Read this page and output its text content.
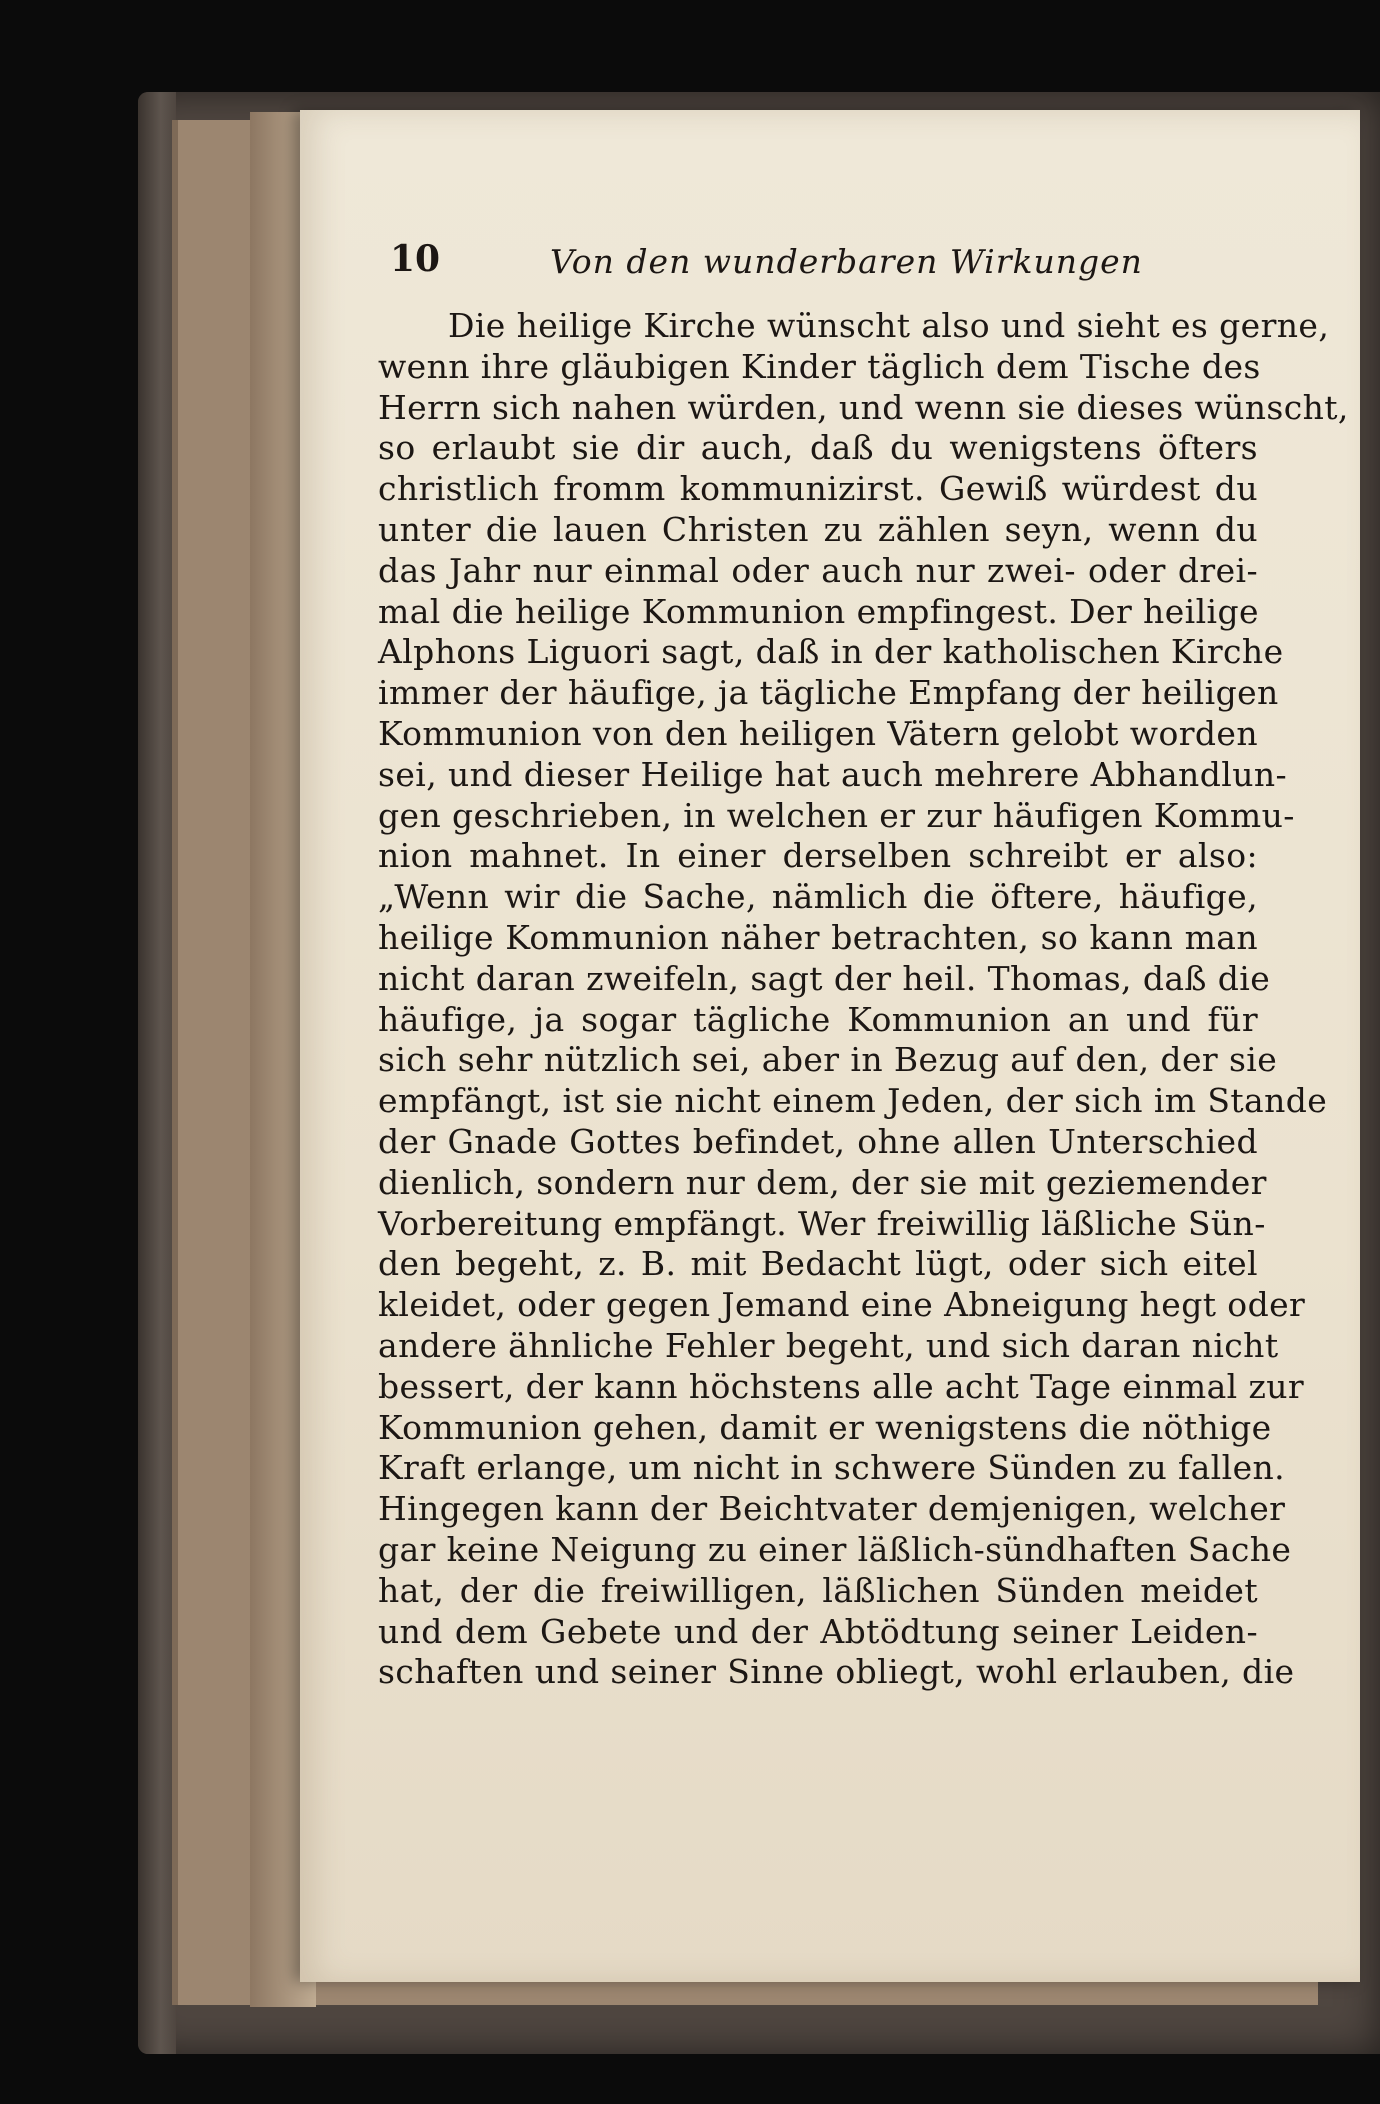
10	Von den wunderbaren Wirkungen
Die heilige Kirche wünscht also und sieht es gerne,
wenn ihre gläubigen Kinder täglich dem Tische des
Herrn sich nahen würden, und wenn sie dieses wünscht,
so erlaubt sie dir auch, daß du wenigstens öfters
christlich fromm kommunizirst. Gewiß würdest du
unter die lauen Christen zu zählen seyn, wenn du
das Jahr nur einmal oder auch nur zwei- oder drei-
mal die heilige Kommunion empfingest. Der heilige
Alphons Liguori sagt, daß in der katholischen Kirche
immer der häufige, ja tägliche Empfang der heiligen
Kommunion von den heiligen Vätern gelobt worden
sei, und dieser Heilige hat auch mehrere Abhandlun-
gen geschrieben, in welchen er zur häufigen Kommu-
nion mahnet. In einer derselben schreibt er also:
„Wenn wir die Sache, nämlich die öftere, häufige,
heilige Kommunion näher betrachten, so kann man
nicht daran zweifeln, sagt der heil. Thomas, daß die
häufige, ja sogar tägliche Kommunion an und für
sich sehr nützlich sei, aber in Bezug auf den, der sie
empfängt, ist sie nicht einem Jeden, der sich im Stande
der Gnade Gottes befindet, ohne allen Unterschied
dienlich, sondern nur dem, der sie mit geziemender
Vorbereitung empfängt. Wer freiwillig läßliche Sün-
den begeht, z. B. mit Bedacht lügt, oder sich eitel
kleidet, oder gegen Jemand eine Abneigung hegt oder
andere ähnliche Fehler begeht, und sich daran nicht
bessert, der kann höchstens alle acht Tage einmal zur
Kommunion gehen, damit er wenigstens die nöthige
Kraft erlange, um nicht in schwere Sünden zu fallen.
Hingegen kann der Beichtvater demjenigen, welcher
gar keine Neigung zu einer läßlich-sündhaften Sache
hat, der die freiwilligen, läßlichen Sünden meidet
und dem Gebete und der Abtödtung seiner Leiden-
schaften und seiner Sinne obliegt, wohl erlauben, die
